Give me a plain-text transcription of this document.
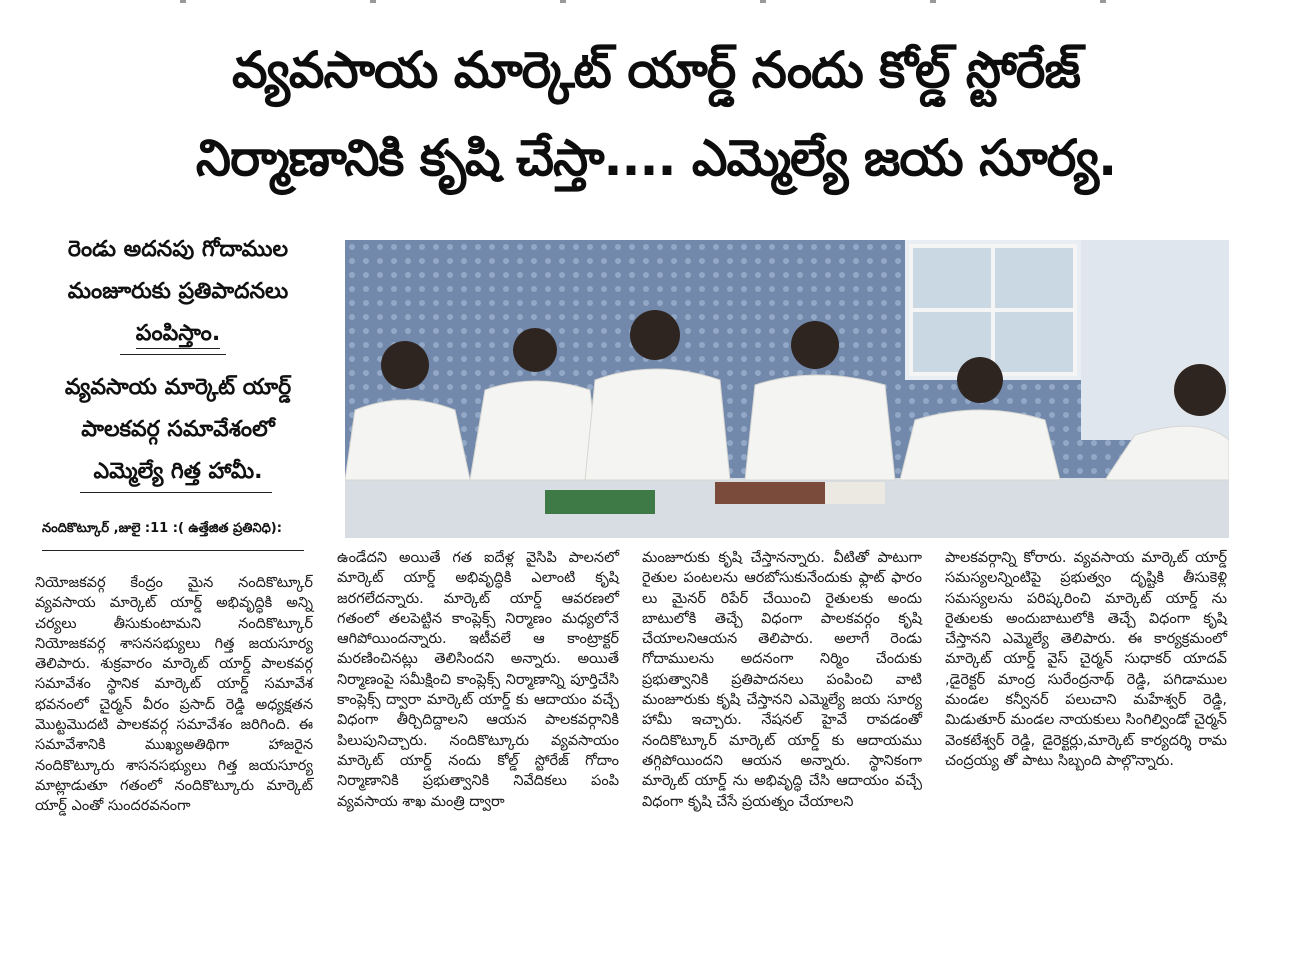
వ్యవసాయ మార్కెట్ యార్డ్ నందు కోల్డ్ స్టోరేజ్
నిర్మాణానికి కృషి చేస్తా.... ఎమ్మెల్యే జయ సూర్య.
రెండు అదనపు గోదాముల
మంజూరుకు ప్రతిపాదనలు
పంపిస్తాం.
వ్యవసాయ మార్కెట్ యార్డ్
పాలకవర్గ సమావేశంలో
ఎమ్మెల్యే గిత్త హామీ.
నందికొట్కూర్ ,జులై :11 :( ఉత్తేజిత ప్రతినిధి):

నియోజకవర్గ కేంద్రం మైన నందికొట్కూర్ వ్యవసాయ మార్కెట్ యార్డ్ అభివృద్ధికి అన్ని చర్యలు తీసుకుంటామని నందికొట్కూర్ నియోజకవర్గ శాసనసభ్యులు గిత్త జయసూర్య తెలిపారు. శుక్రవారం మార్కెట్ యార్డ్ పాలకవర్గ సమావేశం స్థానిక మార్కెట్ యార్డ్ సమావేశ భవనంలో చైర్మన్ వీరం ప్రసాద్ రెడ్డి అధ్యక్షతన మొట్టమొదటి పాలకవర్గ సమావేశం జరిగింది. ఈ సమావేశానికి ముఖ్యఅతిథిగా హాజరైన నందికొట్కూరు శాసనసభ్యులు గిత్త జయసూర్య మాట్లాడుతూ గతంలో నందికొట్కూరు మార్కెట్ యార్డ్ ఎంతో సుందరవనంగా

ఉండేదని అయితే గత ఐదేళ్ల వైసిపి పాలనలో మార్కెట్ యార్డ్ అభివృద్ధికి ఎలాంటి కృషి జరగలేదన్నారు. మార్కెట్ యార్డ్ ఆవరణలో గతంలో తలపెట్టిన కాంప్లెక్స్ నిర్మాణం మధ్యలోనే ఆగిపోయిందన్నారు. ఇటీవలే ఆ కాంట్రాక్టర్ మరణించినట్లు తెలిసిందని అన్నారు. అయితే నిర్మాణంపై సమీక్షించి కాంప్లెక్స్ నిర్మాణాన్ని పూర్తిచేసి కాంప్లెక్స్ ద్వారా మార్కెట్ యార్డ్ కు ఆదాయం వచ్చే విధంగా తీర్చిదిద్దాలని ఆయన పాలకవర్గానికి పిలుపునిచ్చారు. నందికొట్కూరు వ్యవసాయం మార్కెట్ యార్డ్ నందు కోల్డ్ స్టోరేజ్ గోదాం నిర్మాణానికి ప్రభుత్వానికి నివేదికలు పంపి వ్యవసాయ శాఖ మంత్రి ద్వారా

మంజూరుకు కృషి చేస్తానన్నారు. వీటితో పాటుగా రైతుల పంటలను ఆరబోసుకునేందుకు ఫ్లాట్ ఫారం లు మైనర్ రిపేర్ చేయించి రైతులకు అందు బాటులోకి తెచ్చే విధంగా పాలకవర్గం కృషి చేయాలనిఆయన తెలిపారు. అలాగే రెండు గోదాములను అదనంగా నిర్మిం చేందుకు ప్రభుత్వానికి ప్రతిపాదనలు పంపించి వాటి మంజూరుకు కృషి చేస్తానని ఎమ్మెల్యే జయ సూర్య హామీ ఇచ్చారు. నేషనల్ హైవే రావడంతో నందికొట్కూర్ మార్కెట్ యార్డ్ కు ఆదాయము తగ్గిపోయిందని ఆయన అన్నారు. స్థానికంగా మార్కెట్ యార్డ్ ను అభివృద్ధి చేసి ఆదాయం వచ్చే విధంగా కృషి చేసే ప్రయత్నం చేయాలని

పాలకవర్గాన్ని కోరారు. వ్యవసాయ మార్కెట్ యార్డ్ సమస్యలన్నింటిపై ప్రభుత్వం దృష్టికి తీసుకెళ్లి సమస్యలను పరిష్కరించి మార్కెట్ యార్డ్ ను రైతులకు అందుబాటులోకి తెచ్చే విధంగా కృషి చేస్తానని ఎమ్మెల్యే తెలిపారు. ఈ కార్యక్రమంలో మార్కెట్ యార్డ్ వైస్ చైర్మన్ సుధాకర్ యాదవ్ ,డైరెక్టర్ మాంద్ర సురేంద్రనాథ్ రెడ్డి, పగిడాముల మండల కన్వీనర్ పలుచాని మహేశ్వర్ రెడ్డి, మిడుతూర్ మండల నాయకులు సింగిల్విండో చైర్మన్ వెంకటేశ్వర్ రెడ్డి, డైరెక్టర్లు,మార్కెట్ కార్యదర్శి రామ చంద్రయ్య తో పాటు సిబ్బంది పాల్గొన్నారు.
